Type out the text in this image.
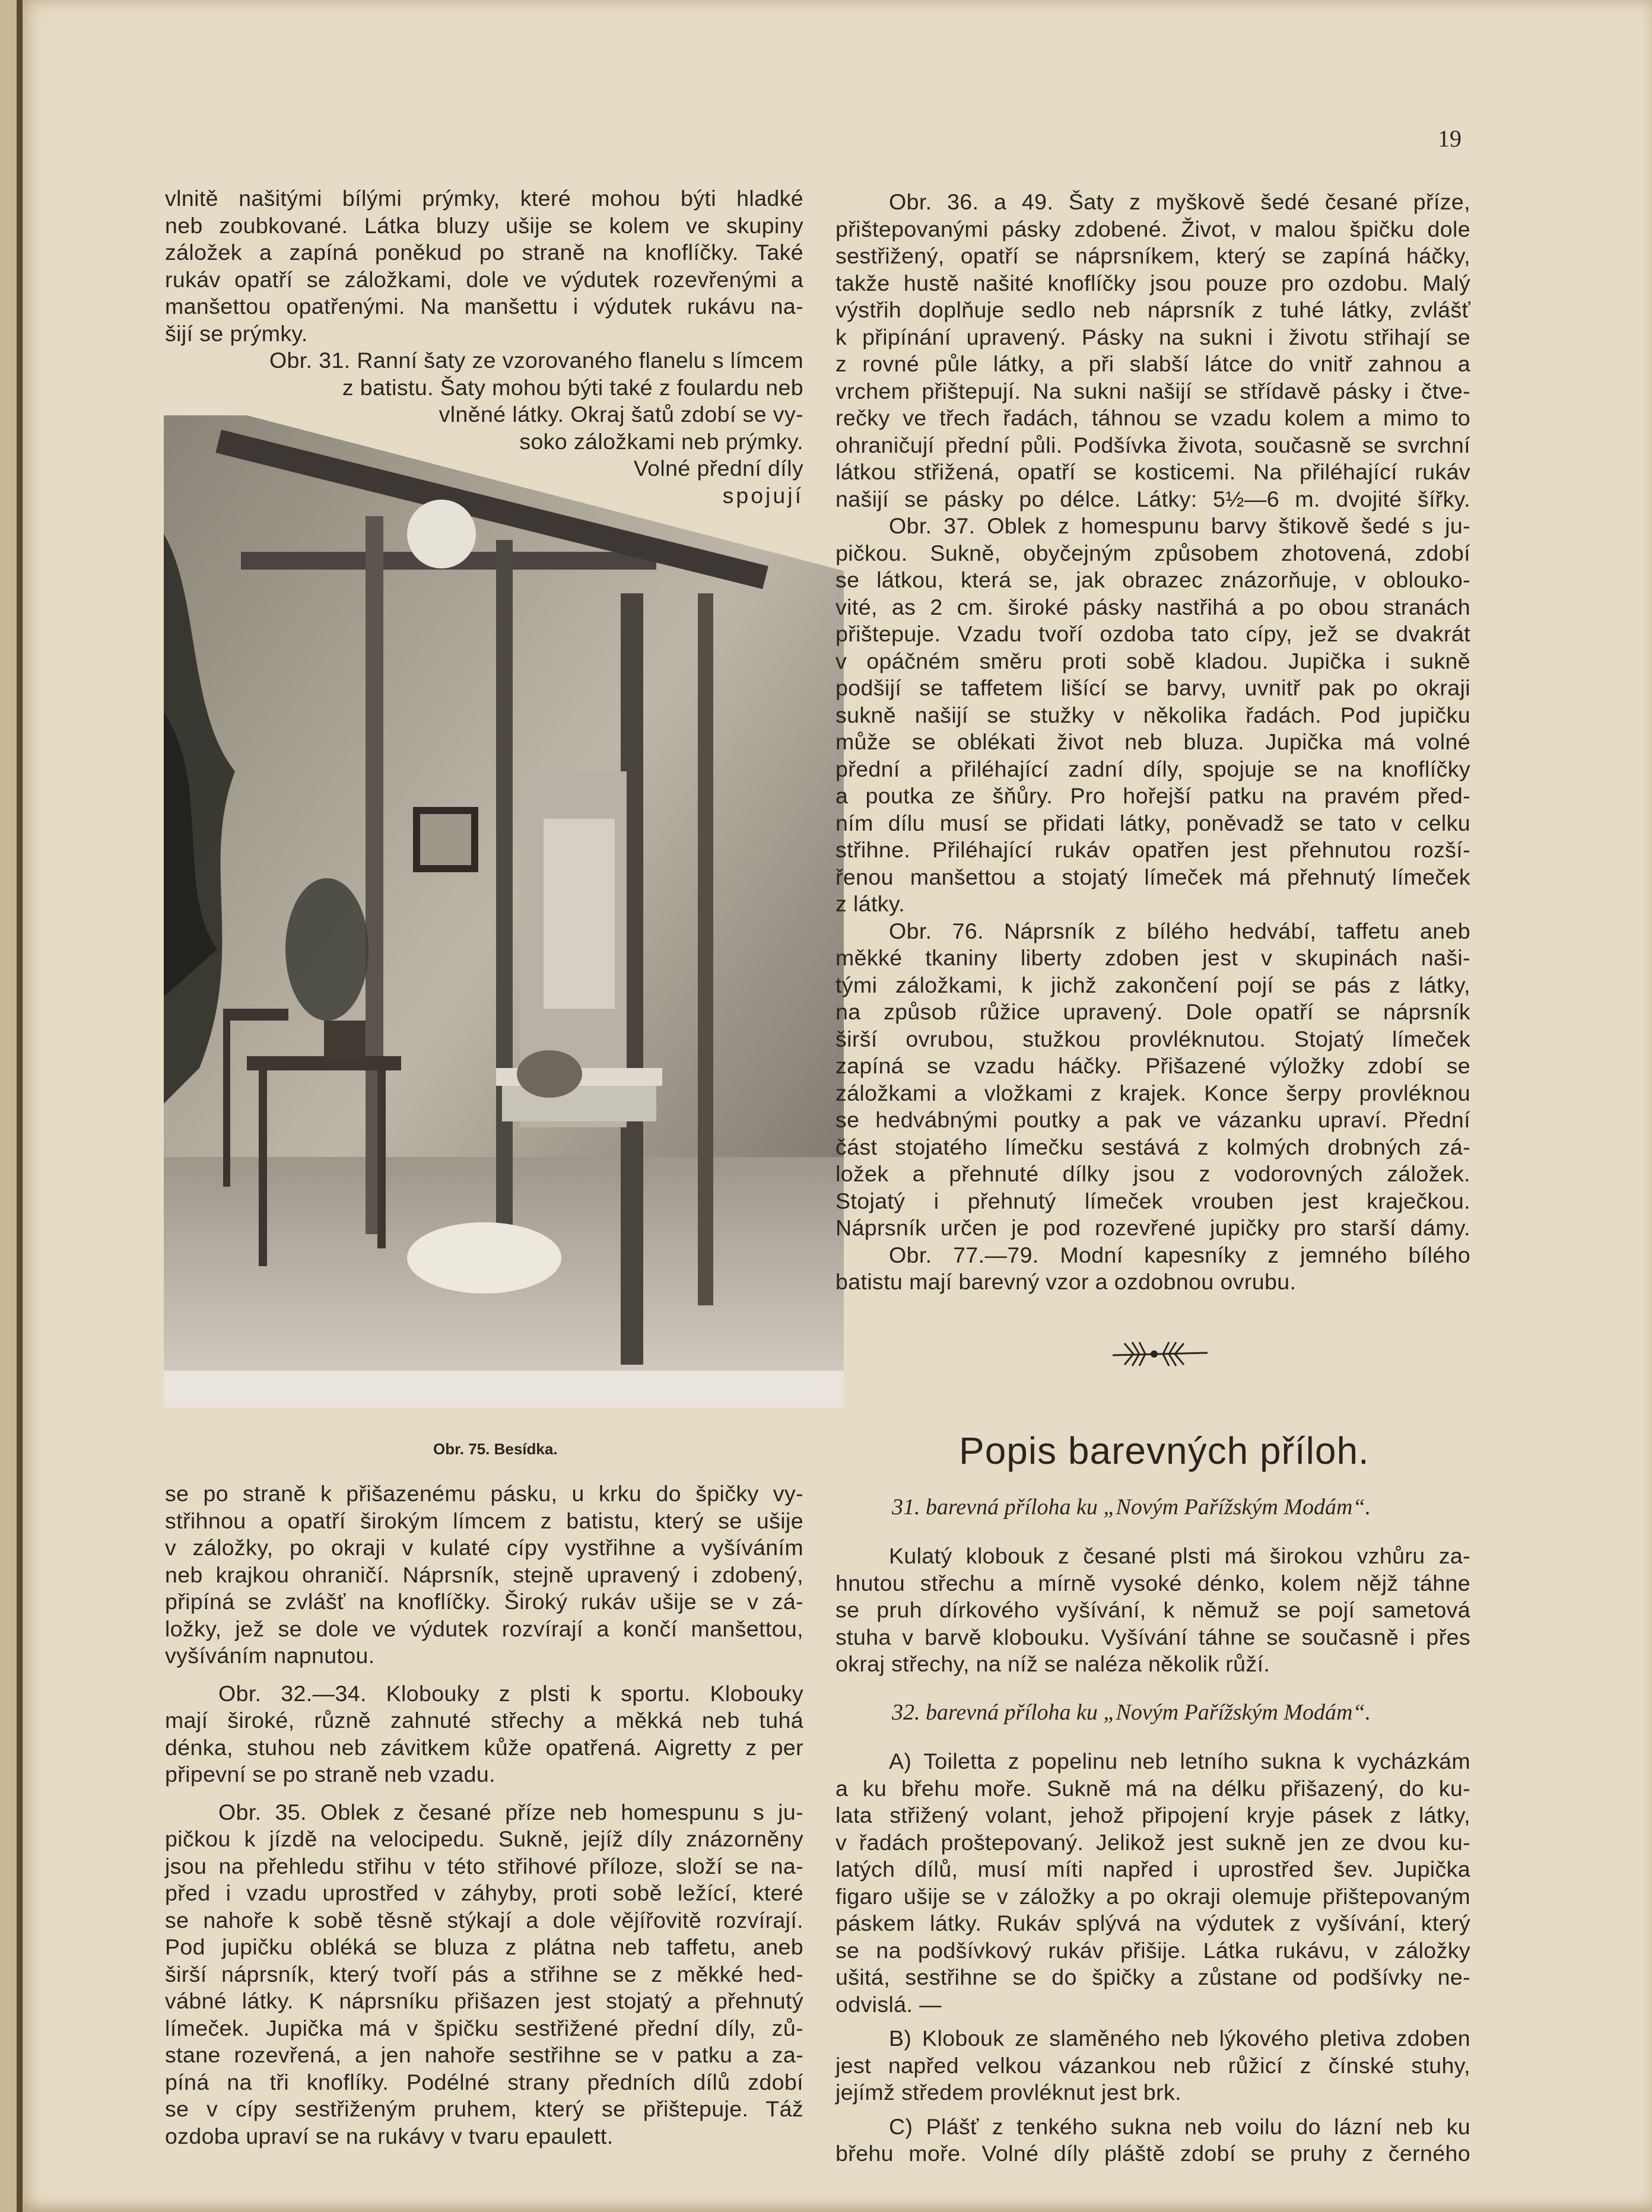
19
vlnitě našitými bílými prýmky, které mohou býti hladké
neb zoubkované. Látka bluzy ušije se kolem ve skupiny
záložek a zapíná poněkud po straně na knoflíčky. Také
rukáv opatří se záložkami, dole ve výdutek rozevřenými a
manšettou opatřenými. Na manšettu i výdutek rukávu na-
šijí se prýmky.
Obr. 31. Ranní šaty ze vzorovaného flanelu s límcem
z batistu. Šaty mohou býti také z foulardu neb
vlněné látky. Okraj šatů zdobí se vy-
soko záložkami neb prýmky.
Volné přední díly
spojují
Obr. 75. Besídka.
se po straně k přišazenému pásku, u krku do špičky vy-
střihnou a opatří širokým límcem z batistu, který se ušije
v záložky, po okraji v kulaté cípy vystřihne a vyšíváním
neb krajkou ohraničí. Náprsník, stejně upravený i zdobený,
připíná se zvlášť na knoflíčky. Široký rukáv ušije se v zá-
ložky, jež se dole ve výdutek rozvírají a končí manšettou,
vyšíváním napnutou.
Obr. 32.—34. Klobouky z plsti k sportu. Klobouky
mají široké, různě zahnuté střechy a měkká neb tuhá
dénka, stuhou neb závitkem kůže opatřená. Aigretty z per
připevní se po straně neb vzadu.
Obr. 35. Oblek z česané příze neb homespunu s ju-
pičkou k jízdě na velocipedu. Sukně, jejíž díly znázorněny
jsou na přehledu střihu v této střihové příloze, složí se na-
před i vzadu uprostřed v záhyby, proti sobě ležící, které
se nahoře k sobě těsně stýkají a dole vějířovitě rozvírají.
Pod jupičku obléká se bluza z plátna neb taffetu, aneb
širší náprsník, který tvoří pás a střihne se z měkké hed-
vábné látky. K náprsníku přišazen jest stojatý a přehnutý
límeček. Jupička má v špičku sestřižené přední díly, zů-
stane rozevřená, a jen nahoře sestřihne se v patku a za-
píná na tři knoflíky. Podélné strany předních dílů zdobí
se v cípy sestřiženým pruhem, který se přištepuje. Táž
ozdoba upraví se na rukávy v tvaru epaulett.
Obr. 36. a 49. Šaty z myškově šedé česané příze,
přištepovanými pásky zdobené. Život, v malou špičku dole
sestřižený, opatří se náprsníkem, který se zapíná háčky,
takže hustě našité knoflíčky jsou pouze pro ozdobu. Malý
výstřih doplňuje sedlo neb náprsník z tuhé látky, zvlášť
k připínání upravený. Pásky na sukni i životu střihají se
z rovné půle látky, a při slabší látce do vnitř zahnou a
vrchem přištepují. Na sukni našijí se střídavě pásky i čtve-
rečky ve třech řadách, táhnou se vzadu kolem a mimo to
ohraničují přední půli. Podšívka života, současně se svrchní
látkou střižená, opatří se kosticemi. Na přiléhající rukáv
našijí se pásky po délce. Látky: 5½—6 m. dvojité šířky.
Obr. 37. Oblek z homespunu barvy štikově šedé s ju-
pičkou. Sukně, obyčejným způsobem zhotovená, zdobí
se látkou, která se, jak obrazec znázorňuje, v oblouko-
vité, as 2 cm. široké pásky nastřihá a po obou stranách
přištepuje. Vzadu tvoří ozdoba tato cípy, jež se dvakrát
v opáčném směru proti sobě kladou. Jupička i sukně
podšijí se taffetem lišící se barvy, uvnitř pak po okraji
sukně našijí se stužky v několika řadách. Pod jupičku
může se oblékati život neb bluza. Jupička má volné
přední a přiléhající zadní díly, spojuje se na knoflíčky
a poutka ze šňůry. Pro hořejší patku na pravém před-
ním dílu musí se přidati látky, poněvadž se tato v celku
střihne. Přiléhající rukáv opatřen jest přehnutou rozší-
řenou manšettou a stojatý límeček má přehnutý límeček
z látky.
Obr. 76. Náprsník z bílého hedvábí, taffetu aneb
měkké tkaniny liberty zdoben jest v skupinách naši-
tými záložkami, k jichž zakončení pojí se pás z látky,
na způsob růžice upravený. Dole opatří se náprsník
širší ovrubou, stužkou provléknutou. Stojatý límeček
zapíná se vzadu háčky. Přišazené výložky zdobí se
záložkami a vložkami z krajek. Konce šerpy provléknou
se hedvábnými poutky a pak ve vázanku upraví. Přední
část stojatého límečku sestává z kolmých drobných zá-
ložek a přehnuté dílky jsou z vodorovných záložek.
Stojatý i přehnutý límeček vrouben jest kraječkou.
Náprsník určen je pod rozevřené jupičky pro starší dámy.
Obr. 77.—79. Modní kapesníky z jemného bílého
batistu mají barevný vzor a ozdobnou ovrubu.
Popis barevných příloh.
31. barevná příloha ku „Novým Pařížským Modám“.
Kulatý klobouk z česané plsti má širokou vzhůru za-
hnutou střechu a mírně vysoké dénko, kolem nějž táhne
se pruh dírkového vyšívání, k němuž se pojí sametová
stuha v barvě klobouku. Vyšívání táhne se současně i přes
okraj střechy, na níž se naléza několik růží.
32. barevná příloha ku „Novým Pařížským Modám“.
A) Toiletta z popelinu neb letního sukna k vycházkám
a ku břehu moře. Sukně má na délku přišazený, do ku-
lata střižený volant, jehož připojení kryje pásek z látky,
v řadách proštepovaný. Jelikož jest sukně jen ze dvou ku-
latých dílů, musí míti napřed i uprostřed šev. Jupička
figaro ušije se v záložky a po okraji olemuje přištepovaným
páskem látky. Rukáv splývá na výdutek z vyšívání, který
se na podšívkový rukáv přišije. Látka rukávu, v záložky
ušitá, sestřihne se do špičky a zůstane od podšívky ne-
odvislá. —
B) Klobouk ze slaměného neb lýkového pletiva zdoben
jest napřed velkou vázankou neb růžicí z čínské stuhy,
jejímž středem provléknut jest brk.
C) Plášť z tenkého sukna neb voilu do lázní neb ku
břehu moře. Volné díly pláště zdobí se pruhy z černého
